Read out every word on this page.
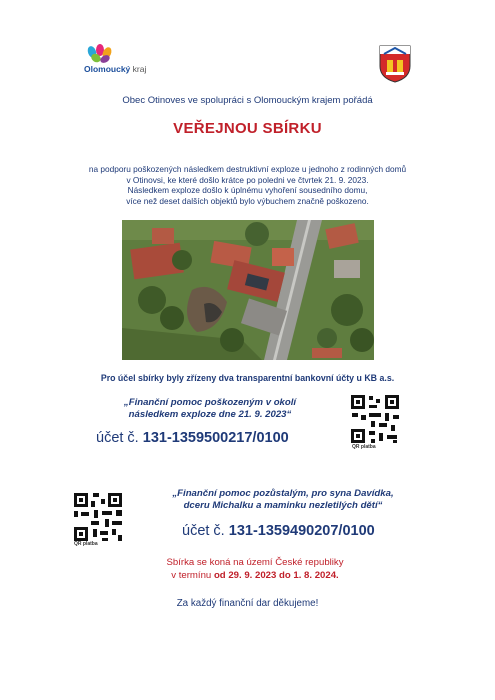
Olomoucký kraj
Obec Otinoves ve spolupráci s Olomouckým krajem pořádá
VEŘEJNOU SBÍRKU
na podporu poškozených následkem destruktivní exploze u jednoho z rodinných domů
v Otinovsi, ke které došlo krátce po poledni ve čtvrtek 21. 9. 2023.
Následkem exploze došlo k úplnému vyhoření sousedního domu,
více než deset dalších objektů bylo výbuchem značně poškozeno.
Pro účel sbírky byly zřízeny dva transparentní bankovní účty u KB a.s.
„Finanční pomoc poškozeným v okolí
následkem exploze dne 21. 9. 2023“
účet č. 131-1359500217/0100
QR platba
QR platba
„Finanční pomoc pozůstalým, pro syna Davídka,
dceru Michalku a maminku nezletilých dětí“
účet č. 131-1359490207/0100
Sbírka se koná na území České republiky
v termínu od 29. 9. 2023 do 1. 8. 2024.
Za každý finanční dar děkujeme!
